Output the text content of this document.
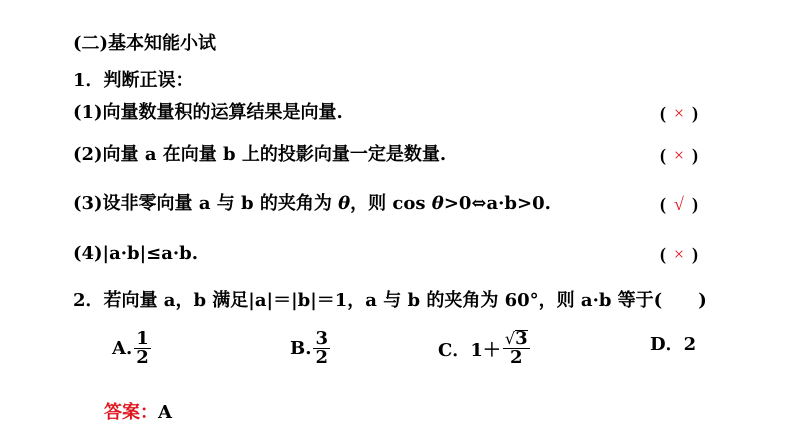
(二)基本知能小试
1．判断正误：
(1)向量数量积的运算结果是向量.	( × )
(2)向量 a 在向量 b 上的投影向量一定是数量.	( × )
(3)设非零向量 a 与 b 的夹角为 θ，则 cos θ>0⇔a·b>0.	( √ )
(4)|a·b|≤a·b.	( × )
2．若向量 a，b 满足|a|＝|b|＝1，a 与 b 的夹角为 60°，则 a·b 等于(　　)
A. $\frac{1}{2}$	B. $\frac{3}{2}$	C．$1+ \frac{√ 3}{2}$	D．2
答案：A
